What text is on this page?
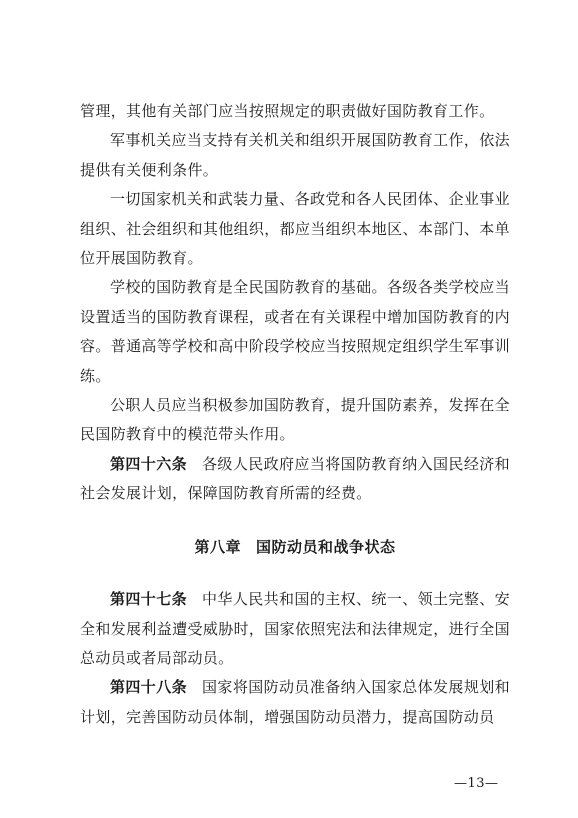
管理，其他有关部门应当按照规定的职责做好国防教育工作。

军事机关应当支持有关机关和组织开展国防教育工作，依法提供有关便利条件。

一切国家机关和武装力量、各政党和各人民团体、企业事业组织、社会组织和其他组织，都应当组织本地区、本部门、本单位开展国防教育。

学校的国防教育是全民国防教育的基础。各级各类学校应当设置适当的国防教育课程，或者在有关课程中增加国防教育的内容。普通高等学校和高中阶段学校应当按照规定组织学生军事训练。

公职人员应当积极参加国防教育，提升国防素养，发挥在全民国防教育中的模范带头作用。

第四十六条 各级人民政府应当将国防教育纳入国民经济和社会发展计划，保障国防教育所需的经费。

第八章 国防动员和战争状态

第四十七条 中华人民共和国的主权、统一、领土完整、安全和发展利益遭受威胁时，国家依照宪法和法律规定，进行全国总动员或者局部动员。

第四十八条 国家将国防动员准备纳入国家总体发展规划和计划，完善国防动员体制，增强国防动员潜力，提高国防动员

—13—
